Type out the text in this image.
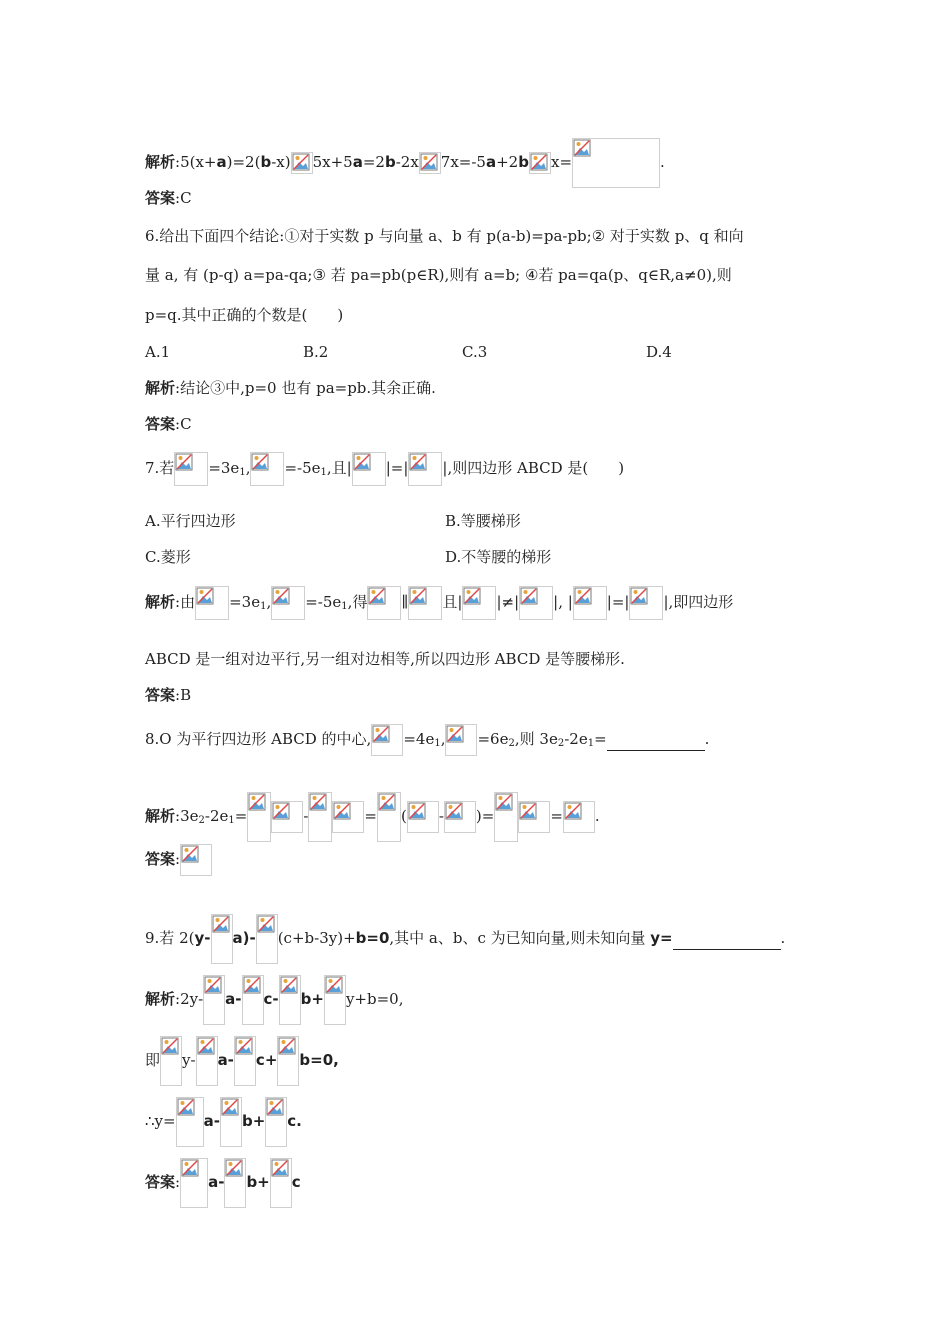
解析:5(x+a)=2(b-x) 5x+5a=2b-2x 7x=-5a+2b x=	.
答案:C
6.给出下面四个结论:①对于实数 p 与向量 a、b 有 p(a-b)=pa-pb;② 对于实数 p、q 和向
量 a, 有 (p-q) a=pa-qa;③ 若 pa=pb(p∈R),则有 a=b; ④若 pa=qa(p、q∈R,a≠0),则
p=q.其中正确的个数是(　　)
A.1	B.2	C.3	D.4
解析:结论③中,p=0 也有 pa=pb.其余正确.
答案:C
7.若 $=3e_1$, $=-5e_1$,且| |=| |,则四边形 ABCD 是(　　)
A.平行四边形	B.等腰梯形
C.菱形	D.不等腰的梯形
解析:由 $=3e_1$, $=-5e_1$,得 ∥ 且| |≠| |, | |=| |,即四边形
ABCD 是一组对边平行,另一组对边相等,所以四边形 ABCD 是等腰梯形.
答案:B
8.O 为平行四边形 ABCD 的中心, $=4e_1$, $=6e_2$,则 $3e_2-2e_1=$	.
解析$:3e_2-2e_1=$	-	= ( - )=	= .
答案:
9.若 2(y- a)- (c+b-3y)+b=0,其中 a、b、c 为已知向量,则未知向量 y=	.
解析:2y- a- c- b+ y+b=0,
即 y- a- c+ b=0,
∴y= a- b+ c.
答案: a- b+ c
